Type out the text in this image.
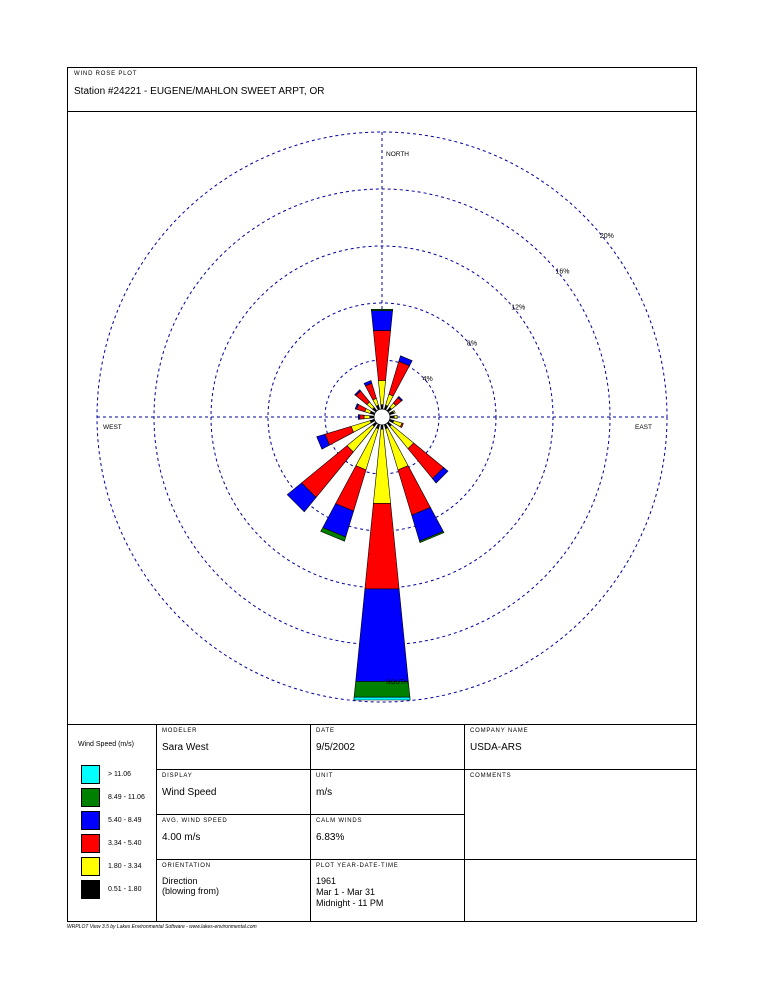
WIND ROSE PLOT
Station #24221 - EUGENE/MAHLON SWEET ARPT, OR
4%
8%
12%
16%
20%
NORTH
EAST
SOUTH
WEST
Wind Speed (m/s)
> 11.06
8.49 - 11.06
5.40 - 8.49
3.34 - 5.40
1.80 - 3.34
0.51 - 1.80
MODELER
Sara West
DATE
9/5/2002
COMPANY NAME
USDA-ARS
DISPLAY
Wind Speed
UNIT
m/s
COMMENTS
AVG. WIND SPEED
4.00 m/s
CALM WINDS
6.83%
ORIENTATION
Direction
(blowing from)
PLOT YEAR-DATE-TIME
1961
Mar 1 - Mar 31
Midnight - 11 PM
WRPLOT View 3.5 by Lakes Environmental Software - www.lakes-environmental.com
